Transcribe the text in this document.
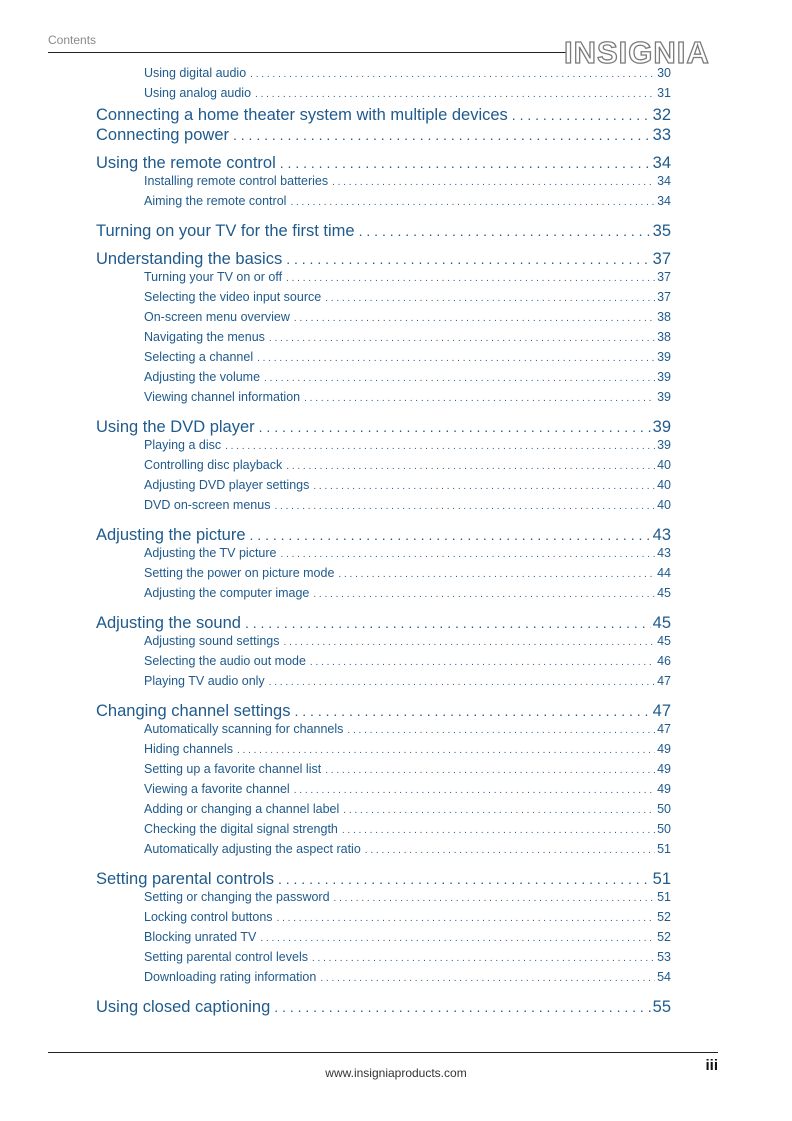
Contents	INSIGNIA
Using digital audio . . .	30
Using analog audio . . .	31
Connecting a home theater system with multiple devices . . .	32
Connecting power . . .	33
Using the remote control . . .	34
Installing remote control batteries . . .	34
Aiming the remote control . . .	34
Turning on your TV for the first time . . .	35
Understanding the basics . . .	37
Turning your TV on or off . . .	37
Selecting the video input source . . .	37
On-screen menu overview . . .	38
Navigating the menus . . .	38
Selecting a channel . . .	39
Adjusting the volume . . .	39
Viewing channel information . . .	39
Using the DVD player . . .	39
Playing a disc . . .	39
Controlling disc playback . . .	40
Adjusting DVD player settings . . .	40
DVD on-screen menus . . .	40
Adjusting the picture . . .	43
Adjusting the TV picture . . .	43
Setting the power on picture mode . . .	44
Adjusting the computer image . . .	45
Adjusting the sound . . .	45
Adjusting sound settings . . .	45
Selecting the audio out mode . . .	46
Playing TV audio only . . .	47
Changing channel settings . . .	47
Automatically scanning for channels . . .	47
Hiding channels . . .	49
Setting up a favorite channel list . . .	49
Viewing a favorite channel . . .	49
Adding or changing a channel label . . .	50
Checking the digital signal strength . . .	50
Automatically adjusting the aspect ratio . . .	51
Setting parental controls . . .	51
Setting or changing the password . . .	51
Locking control buttons . . .	52
Blocking unrated TV . . .	52
Setting parental control levels . . .	53
Downloading rating information . . .	54
Using closed captioning . . .	55
www.insigniaproducts.com	iii
